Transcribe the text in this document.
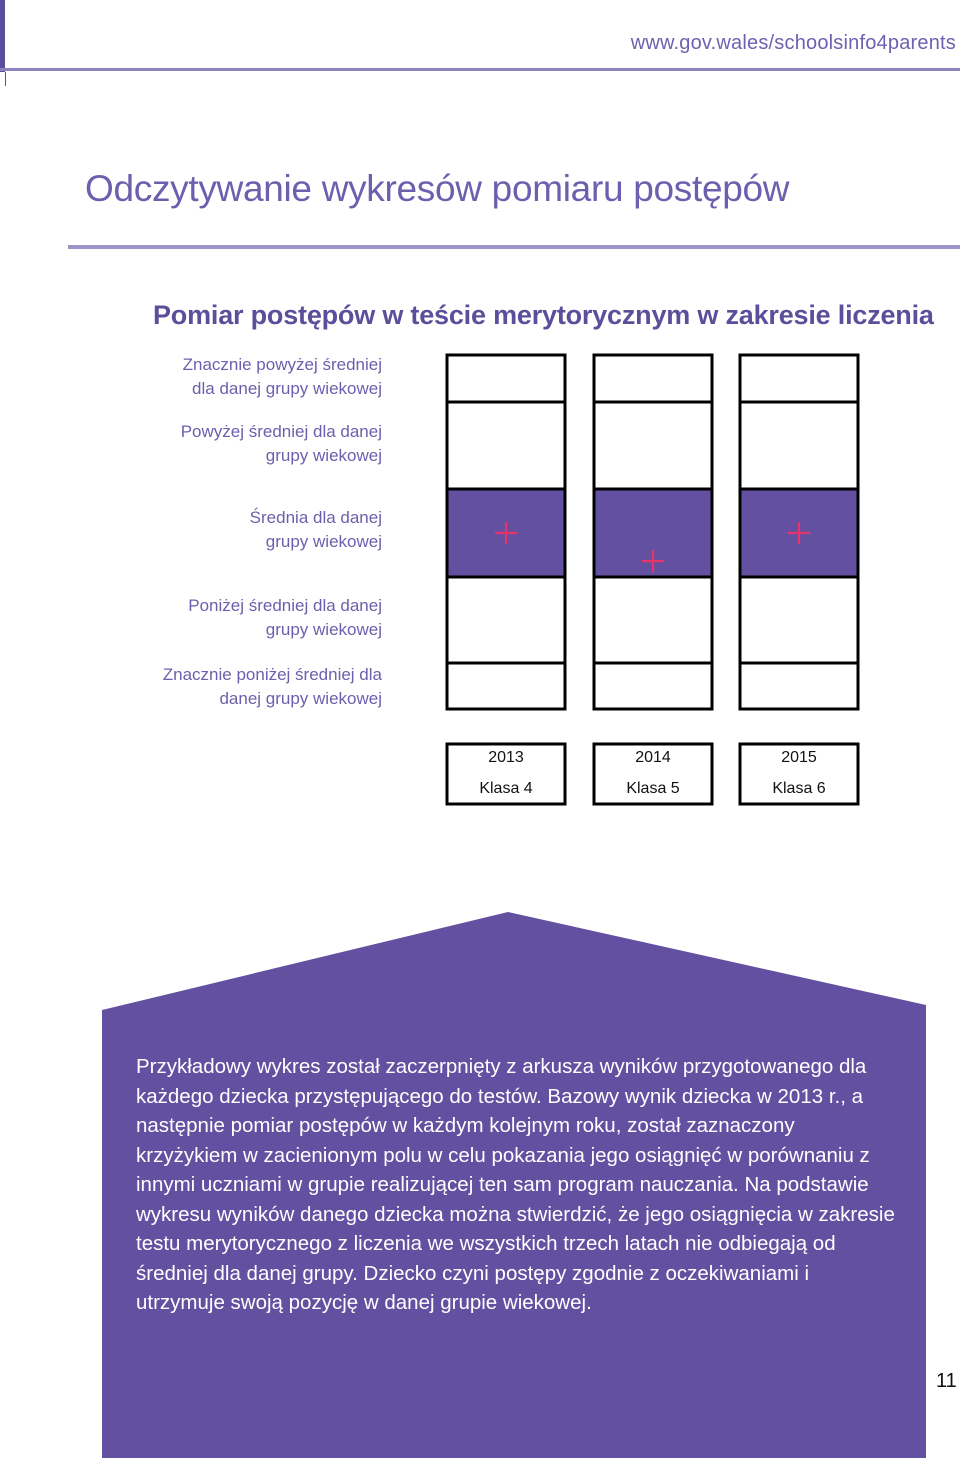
www.gov.wales/schoolsinfo4parents
Odczytywanie wykresów pomiaru postępów
Pomiar postępów w teście merytorycznym w zakresie liczenia
Znacznie powyżej średniej
dla danej grupy wiekowej
Powyżej średniej dla danej
grupy wiekowej
Średnia dla danej
grupy wiekowej
Poniżej średniej dla danej
grupy wiekowej
Znacznie poniżej średniej dla
danej grupy wiekowej
2013
Klasa 4
2014
Klasa 5
2015
Klasa 6
Przykładowy wykres został zaczerpnięty z arkusza wyników przygotowanego dla każdego dziecka przystępującego do testów. Bazowy wynik dziecka w 2013 r., a następnie pomiar postępów w każdym kolejnym roku, został zaznaczony krzyżykiem w zacienionym polu w celu pokazania jego osiągnięć w porównaniu z innymi uczniami w grupie realizującej ten sam program nauczania. Na podstawie wykresu wyników danego dziecka można stwierdzić, że jego osiągnięcia w zakresie testu merytorycznego z liczenia we wszystkich trzech latach nie odbiegają od średniej dla danej grupy. Dziecko czyni postępy zgodnie z oczekiwaniami i utrzymuje swoją pozycję w danej grupie wiekowej.
11
